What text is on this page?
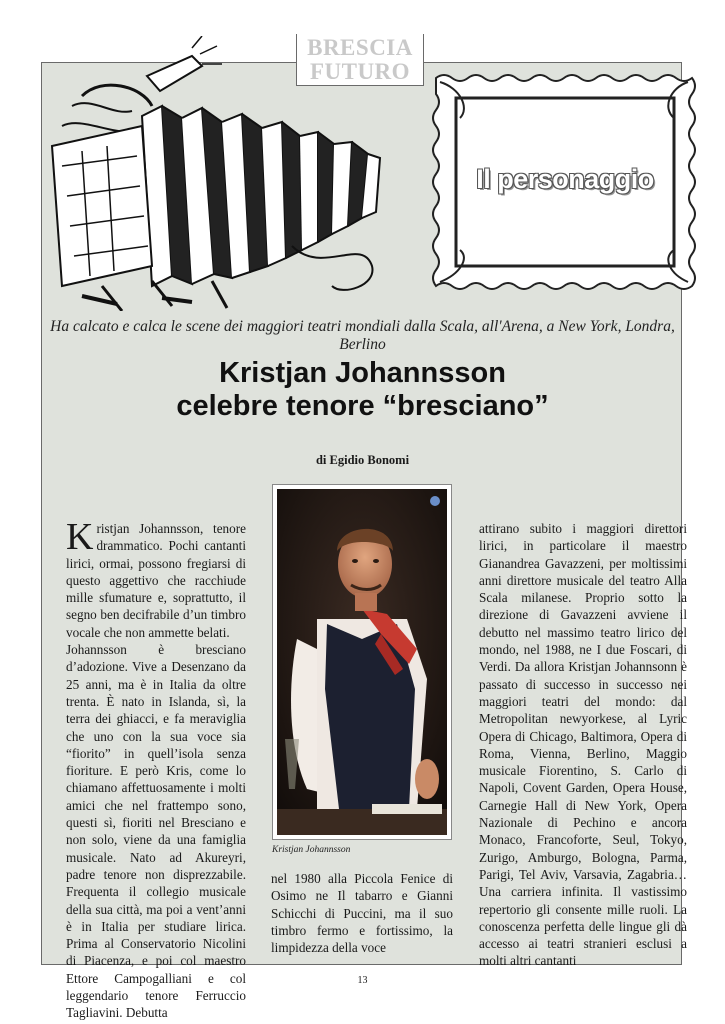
Il personaggio
BRESCIA
FUTURO
Ha calcato e calca le scene dei maggiori teatri mondiali dalla Scala, all'Arena, a New York, Londra, Berlino
Kristjan Johannsson
celebre tenore “bresciano”
di Egidio Bonomi

Kristjan Johannsson, tenore drammatico. Pochi cantanti lirici, ormai, possono fregiarsi di questo aggettivo che racchiude mille sfumature e, soprattutto, il segno ben decifrabile d’un timbro vocale che non ammette belati.

Johannsson è bresciano d’adozione. Vive a Desenzano da 25 anni, ma è in Italia da oltre trenta. È nato in Islanda, sì, la terra dei ghiacci, e fa meraviglia che uno con la sua voce sia “fiorito” in quell’isola senza fioriture. E però Kris, come lo chiamano affettuosamente i molti amici che nel frattempo sono, questi sì, fioriti nel Bresciano e non solo, viene da una famiglia musicale. Nato ad Akureyri, padre tenore non disprezzabile. Frequenta il collegio musicale della sua città, ma poi a vent’anni è in Italia per studiare lirica. Prima al Conservatorio Nicolini di Piacenza, e poi col maestro Ettore Campogalliani e col leggendario tenore Ferruccio Tagliavini. Debutta

Kristjan Johannsson

nel 1980 alla Piccola Fenice di Osimo ne Il tabarro e Gianni Schicchi di Puccini, ma il suo timbro fermo e fortissimo, la limpidezza della voce

attirano subito i maggiori direttori lirici, in particolare il maestro Gianandrea Gavazzeni, per moltissimi anni direttore musicale del teatro Alla Scala milanese. Proprio sotto la direzione di Gavazzeni avviene il debutto nel massimo teatro lirico del mondo, nel 1988, ne I due Foscari, di Verdi. Da allora Kristjan Johannsonn è passato di successo in successo nei maggiori teatri del mondo: dal Metropolitan newyorkese, al Lyric Opera di Chicago, Baltimora, Opera di Roma, Vienna, Berlino, Maggio musicale Fiorentino, S. Carlo di Napoli, Covent Garden, Opera House, Carnegie Hall di New York, Opera Nazionale di Pechino e ancora Monaco, Francoforte, Seul, Tokyo, Zurigo, Amburgo, Bologna, Parma, Parigi, Tel Aviv, Varsavia, Zagabria… Una carriera infinita. Il vastissimo repertorio gli consente mille ruoli. La conoscenza perfetta delle lingue gli dà accesso ai teatri stranieri esclusi a molti altri cantanti

13
